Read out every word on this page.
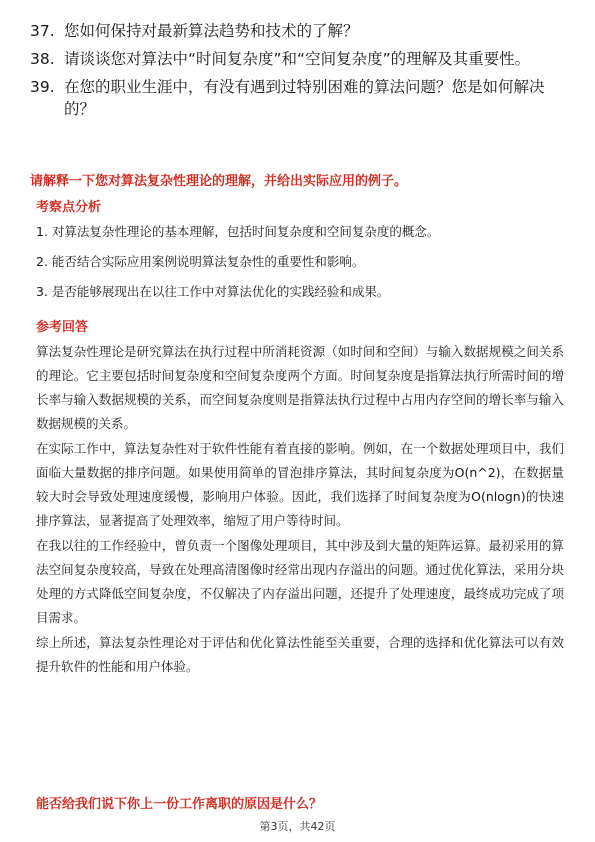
37. 您如何保持对最新算法趋势和技术的了解？
38. 请谈谈您对算法中“时间复杂度”和“空间复杂度”的理解及其重要性。
39. 在您的职业生涯中，有没有遇到过特别困难的算法问题？您是如何解决的？
请解释一下您对算法复杂性理论的理解，并给出实际应用的例子。
考察点分析
1. 对算法复杂性理论的基本理解，包括时间复杂度和空间复杂度的概念。
2. 能否结合实际应用案例说明算法复杂性的重要性和影响。
3. 是否能够展现出在以往工作中对算法优化的实践经验和成果。
参考回答

算法复杂性理论是研究算法在执行过程中所消耗资源（如时间和空间）与输入数据规模之间关系的理论。它主要包括时间复杂度和空间复杂度两个方面。时间复杂度是指算法执行所需时间的增长率与输入数据规模的关系，而空间复杂度则是指算法执行过程中占用内存空间的增长率与输入数据规模的关系。

在实际工作中，算法复杂性对于软件性能有着直接的影响。例如，在一个数据处理项目中，我们面临大量数据的排序问题。如果使用简单的冒泡排序算法，其时间复杂度为O(n^2)，在数据量较大时会导致处理速度缓慢，影响用户体验。因此，我们选择了时间复杂度为O(nlogn)的快速排序算法，显著提高了处理效率，缩短了用户等待时间。

在我以往的工作经验中，曾负责一个图像处理项目，其中涉及到大量的矩阵运算。最初采用的算法空间复杂度较高，导致在处理高清图像时经常出现内存溢出的问题。通过优化算法，采用分块处理的方式降低空间复杂度，不仅解决了内存溢出问题，还提升了处理速度，最终成功完成了项目需求。

综上所述，算法复杂性理论对于评估和优化算法性能至关重要，合理的选择和优化算法可以有效提升软件的性能和用户体验。

能否给我们说下你上一份工作离职的原因是什么？
第3页，共42页
